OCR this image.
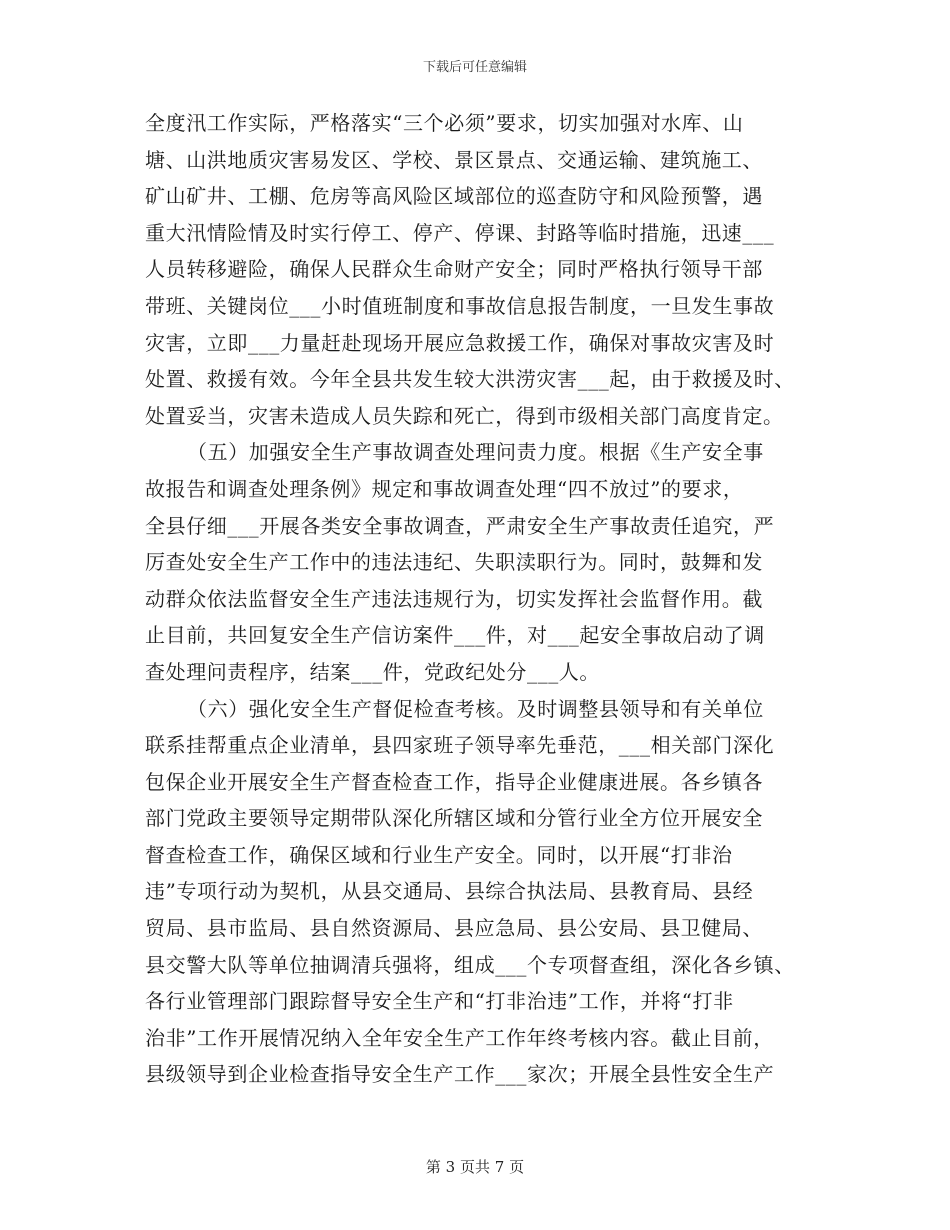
下载后可任意编辑
全度汛工作实际，严格落实“三个必须”要求，切实加强对水库、山
塘、山洪地质灾害易发区、学校、景区景点、交通运输、建筑施工、
矿山矿井、工棚、危房等高风险区域部位的巡查防守和风险预警，遇
重大汛情险情及时实行停工、停产、停课、封路等临时措施，迅速___
人员转移避险，确保人民群众生命财产安全；同时严格执行领导干部
带班、关键岗位___小时值班制度和事故信息报告制度，一旦发生事故
灾害，立即___力量赶赴现场开展应急救援工作，确保对事故灾害及时
处置、救援有效。今年全县共发生较大洪涝灾害___起，由于救援及时、
处置妥当，灾害未造成人员失踪和死亡，得到市级相关部门高度肯定。
（五）加强安全生产事故调查处理问责力度。根据《生产安全事
故报告和调查处理条例》规定和事故调查处理“四不放过”的要求，
全县仔细___开展各类安全事故调查，严肃安全生产事故责任追究，严
厉查处安全生产工作中的违法违纪、失职渎职行为。同时，鼓舞和发
动群众依法监督安全生产违法违规行为，切实发挥社会监督作用。截
止目前，共回复安全生产信访案件___件，对___起安全事故启动了调
查处理问责程序，结案___件，党政纪处分___人。
（六）强化安全生产督促检查考核。及时调整县领导和有关单位
联系挂帮重点企业清单，县四家班子领导率先垂范，___相关部门深化
包保企业开展安全生产督查检查工作，指导企业健康进展。各乡镇各
部门党政主要领导定期带队深化所辖区域和分管行业全方位开展安全
督查检查工作，确保区域和行业生产安全。同时，以开展“打非治
违”专项行动为契机，从县交通局、县综合执法局、县教育局、县经
贸局、县市监局、县自然资源局、县应急局、县公安局、县卫健局、
县交警大队等单位抽调清兵强将，组成___个专项督查组，深化各乡镇、
各行业管理部门跟踪督导安全生产和“打非治违”工作，并将“打非
治非”工作开展情况纳入全年安全生产工作年终考核内容。截止目前，
县级领导到企业检查指导安全生产工作___家次；开展全县性安全生产
第 3 页共 7 页
